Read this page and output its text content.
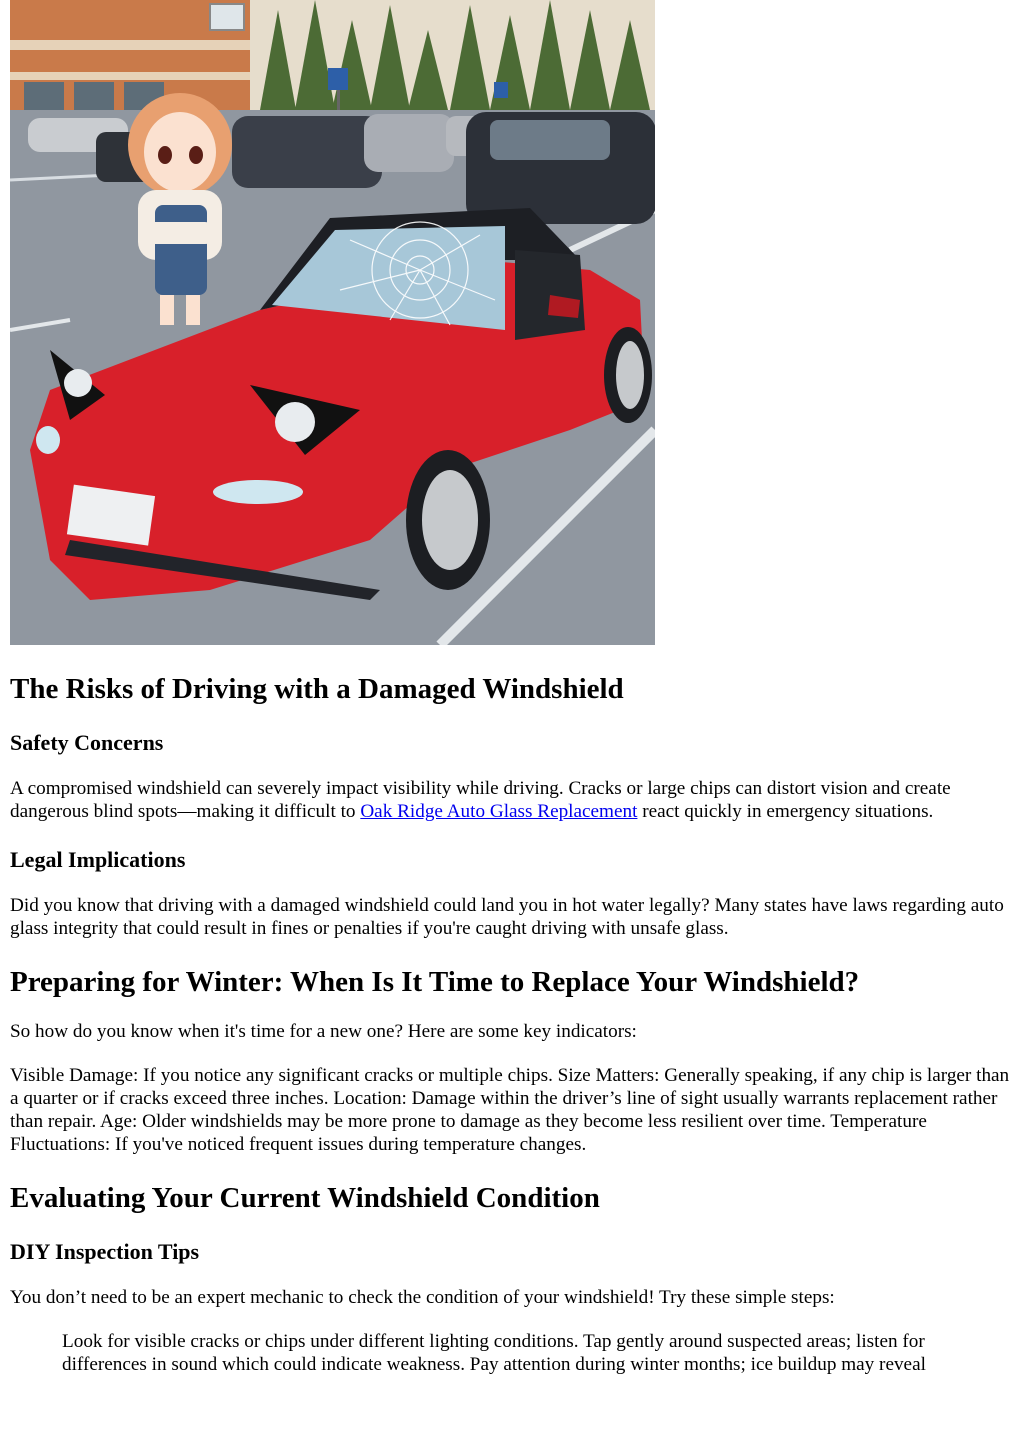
The Risks of Driving with a Damaged Windshield
Safety Concerns

A compromised windshield can severely impact visibility while driving. Cracks or large chips can distort vision and create dangerous blind spots—making it difficult to Oak Ridge Auto Glass Replacement react quickly in emergency situations.

Legal Implications

Did you know that driving with a damaged windshield could land you in hot water legally? Many states have laws regarding auto glass integrity that could result in fines or penalties if you're caught driving with unsafe glass.

Preparing for Winter: When Is It Time to Replace Your Windshield?

So how do you know when it's time for a new one? Here are some key indicators:

Visible Damage: If you notice any significant cracks or multiple chips. Size Matters: Generally speaking, if any chip is larger than a quarter or if cracks exceed three inches. Location: Damage within the driver’s line of sight usually warrants replacement rather than repair. Age: Older windshields may be more prone to damage as they become less resilient over time. Temperature Fluctuations: If you've noticed frequent issues during temperature changes.

Evaluating Your Current Windshield Condition
DIY Inspection Tips

You don’t need to be an expert mechanic to check the condition of your windshield! Try these simple steps:

Look for visible cracks or chips under different lighting conditions. Tap gently around suspected areas; listen for differences in sound which could indicate weakness. Pay attention during winter months; ice buildup may reveal
